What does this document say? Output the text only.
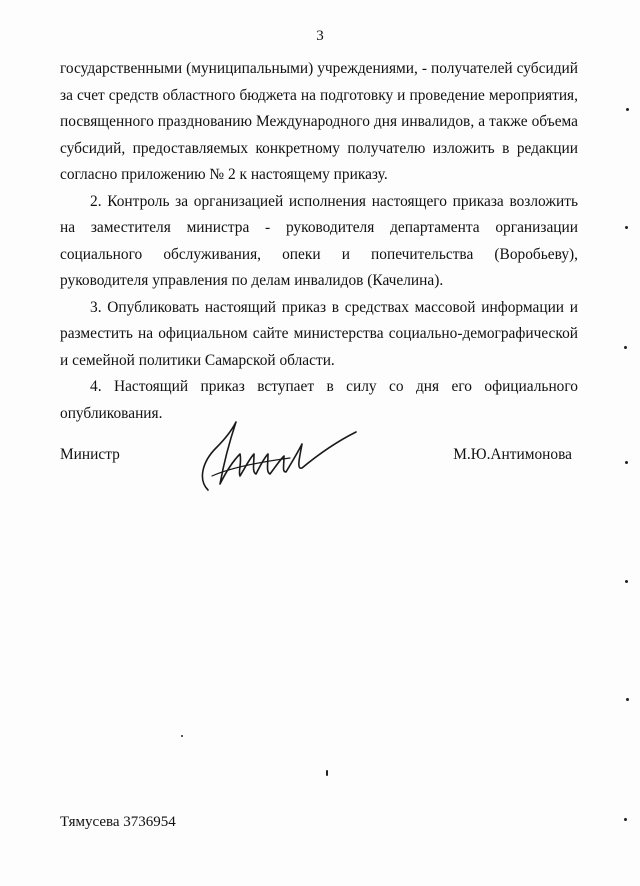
3

государственными (муниципальными) учреждениями, - получателей субсидий за счет средств областного бюджета на подготовку и проведение мероприятия, посвященного празднованию Международного дня инвалидов, а также объема субсидий, предоставляемых конкретному получателю изложить в редакции согласно приложению № 2 к настоящему приказу.

2. Контроль за организацией исполнения настоящего приказа возложить на заместителя министра - руководителя департамента организации социального обслуживания, опеки и попечительства (Воробьеву), руководителя управления по делам инвалидов (Качелина).

3. Опубликовать настоящий приказ в средствах массовой информации и разместить на официальном сайте министерства социально-демографической и семейной политики Самарской области.

4. Настоящий приказ вступает в силу со дня его официального опубликования.

Министр	М.Ю.Антимонова
Тямусева 3736954
